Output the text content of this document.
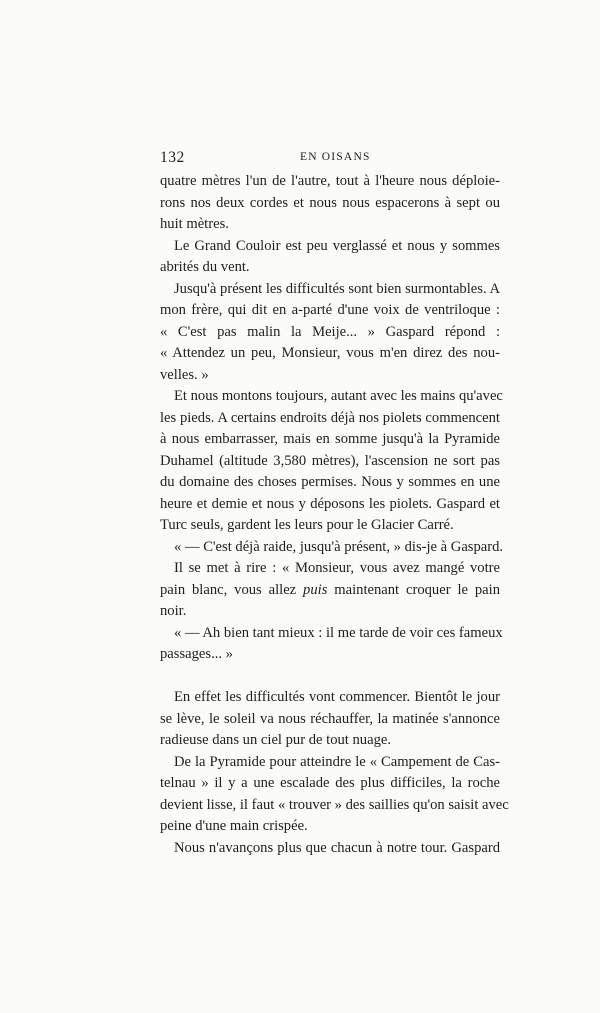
132	EN OISANS
quatre mètres l'un de l'autre, tout à l'heure nous déploie-
rons nos deux cordes et nous nous espacerons à sept ou
huit mètres.
Le Grand Couloir est peu verglassé et nous y sommes
abrités du vent.
Jusqu'à présent les difficultés sont bien surmontables. A
mon frère, qui dit en a-parté d'une voix de ventriloque :
« C'est pas malin la Meije... » Gaspard répond :
« Attendez un peu, Monsieur, vous m'en direz des nou-
velles. »
Et nous montons toujours, autant avec les mains qu'avec
les pieds. A certains endroits déjà nos piolets commencent
à nous embarrasser, mais en somme jusqu'à la Pyramide
Duhamel (altitude 3,580 mètres), l'ascension ne sort pas
du domaine des choses permises. Nous y sommes en une
heure et demie et nous y déposons les piolets. Gaspard et
Turc seuls, gardent les leurs pour le Glacier Carré.
« — C'est déjà raide, jusqu'à présent, » dis-je à Gaspard.
Il se met à rire : « Monsieur, vous avez mangé votre
pain blanc, vous allez puis maintenant croquer le pain
noir.
« — Ah bien tant mieux : il me tarde de voir ces fameux
passages... »
En effet les difficultés vont commencer. Bientôt le jour
se lève, le soleil va nous réchauffer, la matinée s'annonce
radieuse dans un ciel pur de tout nuage.
De la Pyramide pour atteindre le « Campement de Cas-
telnau » il y a une escalade des plus difficiles, la roche
devient lisse, il faut « trouver » des saillies qu'on saisit avec
peine d'une main crispée.
Nous n'avançons plus que chacun à notre tour. Gaspard
